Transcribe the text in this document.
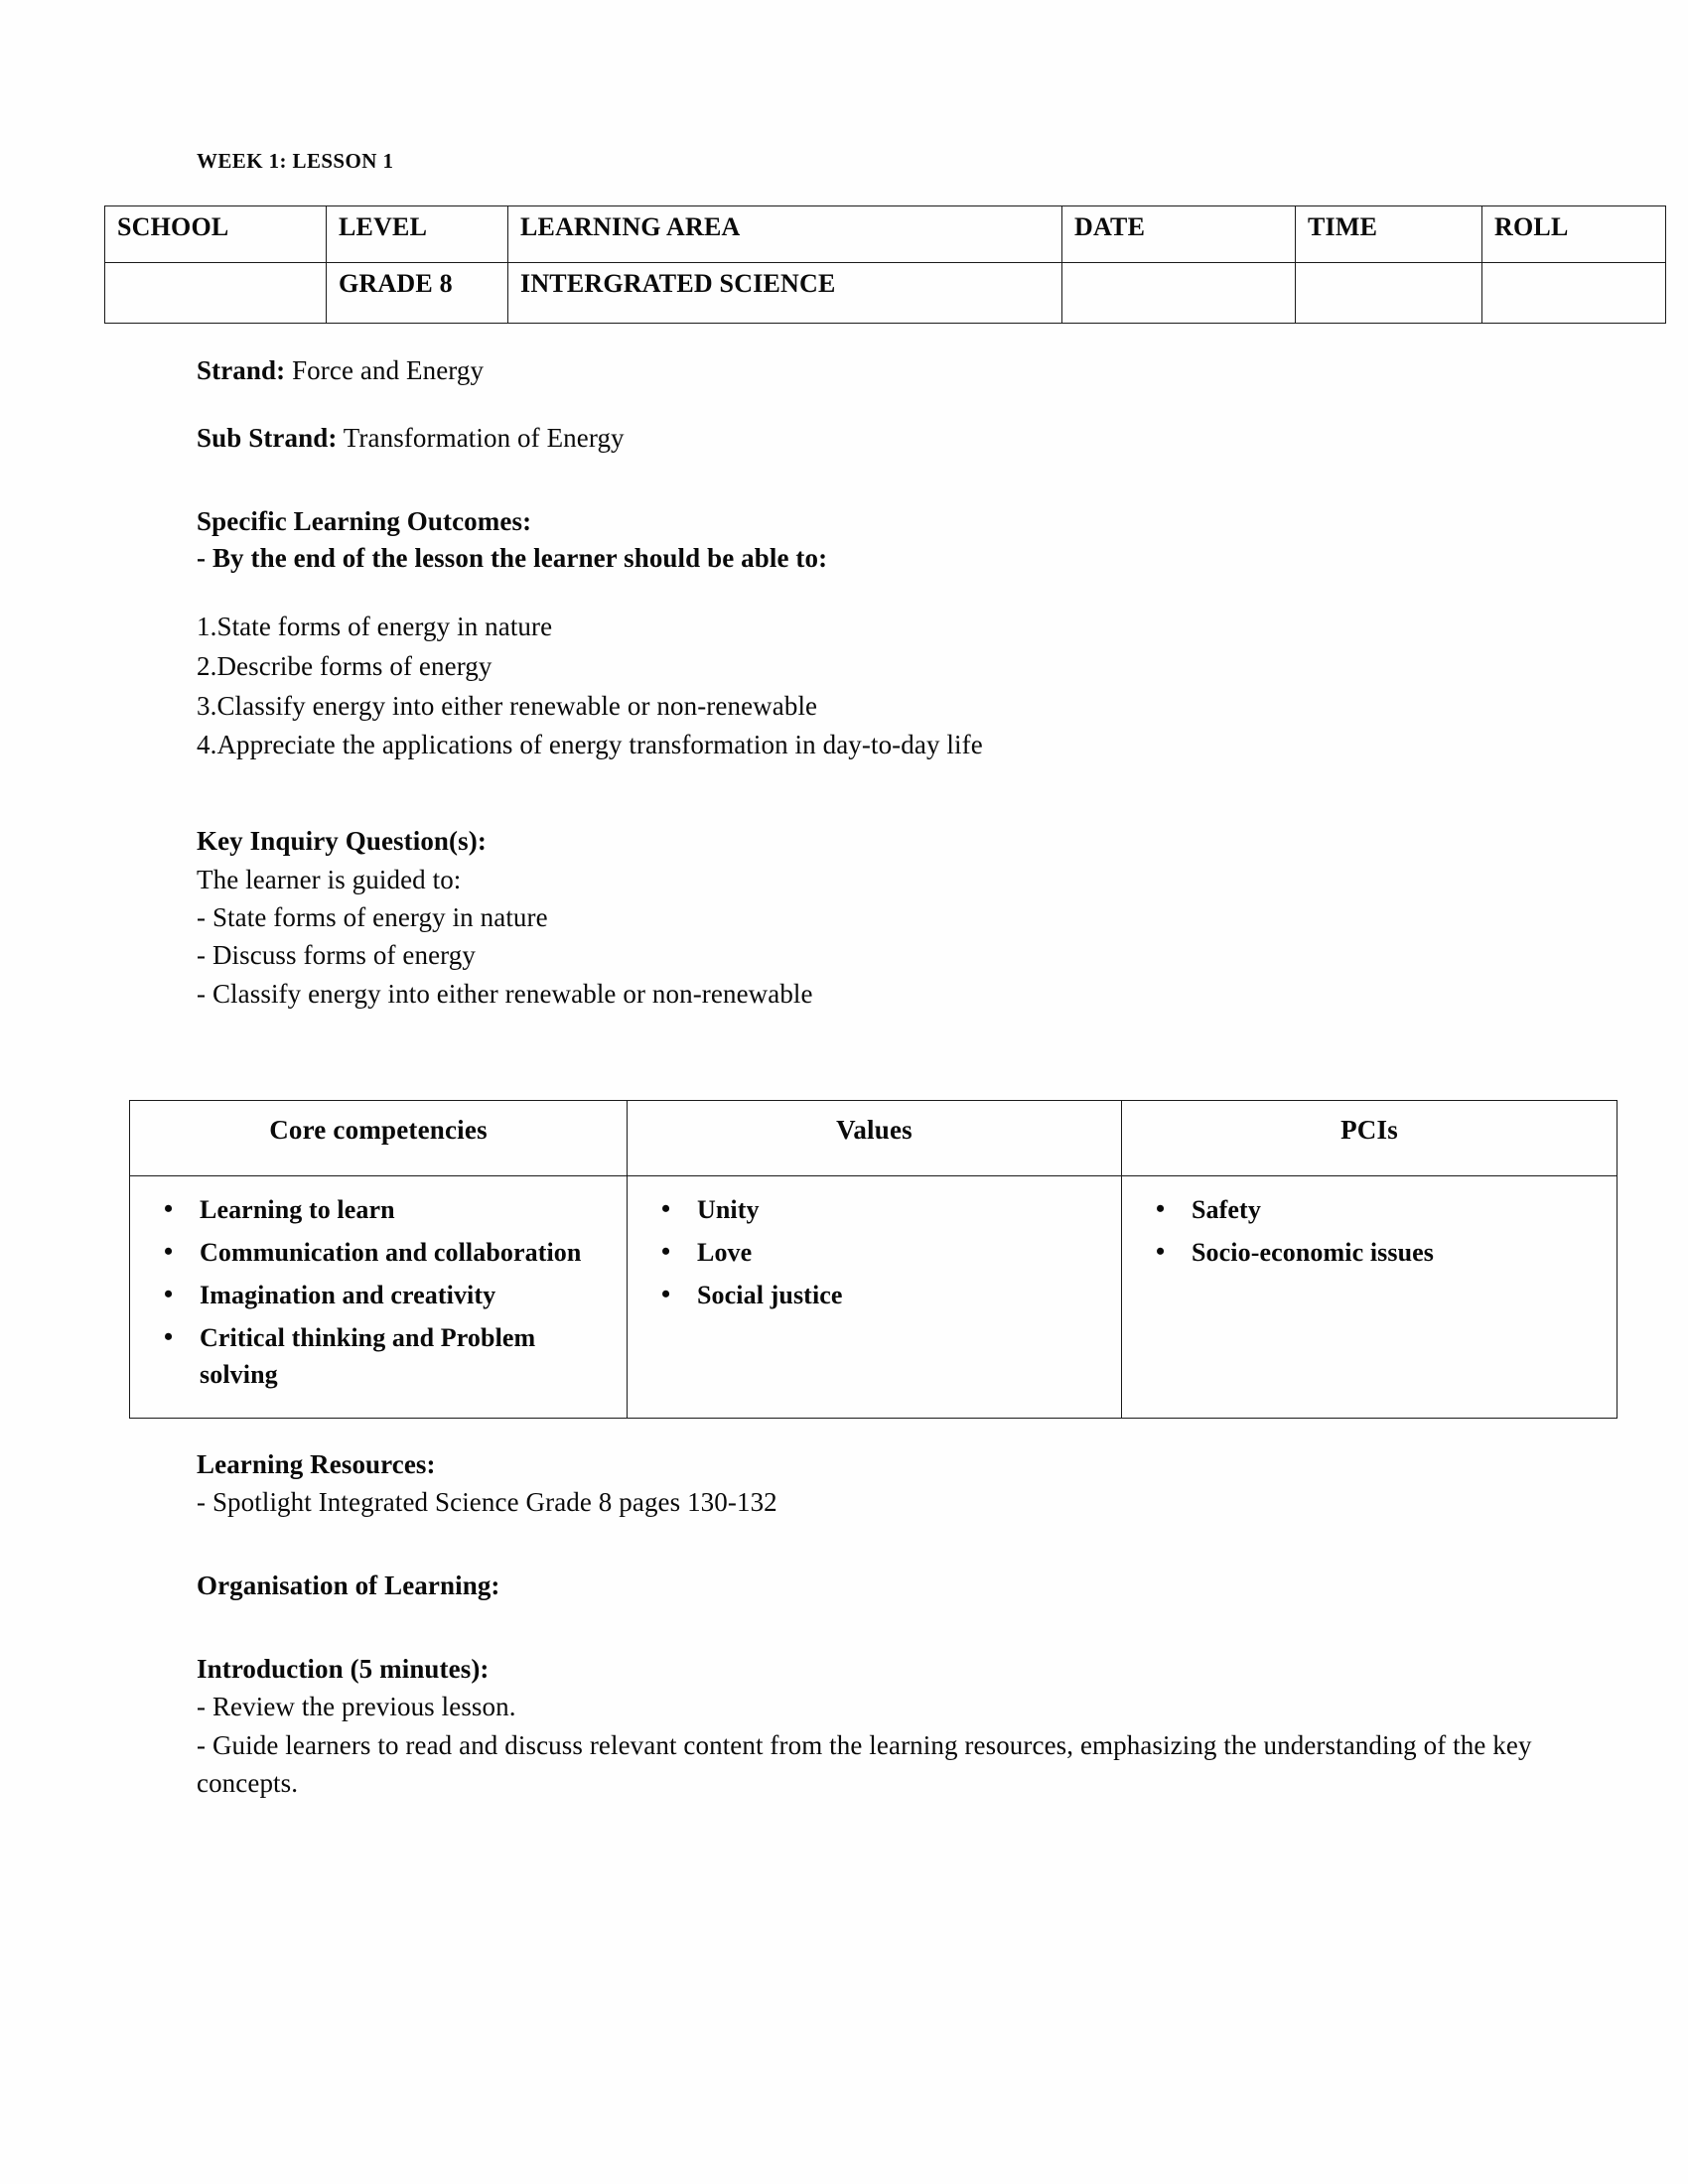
WEEK 1: LESSON 1
SCHOOL	LEVEL	LEARNING AREA	DATE	TIME	ROLL
	GRADE 8	INTERGRATED SCIENCE			
Strand: Force and Energy
Sub Strand: Transformation of Energy
Specific Learning Outcomes:
- By the end of the lesson the learner should be able to:
1.State forms of energy in nature
2.Describe forms of energy
3.Classify energy into either renewable or non-renewable
4.Appreciate the applications of energy transformation in day-to-day life
Key Inquiry Question(s):
The learner is guided to:
- State forms of energy in nature
- Discuss forms of energy
- Classify energy into either renewable or non-renewable
Core competencies	Values	PCIs

• Learning to learn
• Communication and collaboration
• Imagination and creativity
• Critical thinking and Problem solving

• Unity
• Love
• Social justice

• Safety
• Socio-economic issues
Learning Resources:
- Spotlight Integrated Science Grade 8 pages 130-132
Organisation of Learning:
Introduction (5 minutes):
- Review the previous lesson.
- Guide learners to read and discuss relevant content from the learning resources, emphasizing the understanding of the key concepts.
